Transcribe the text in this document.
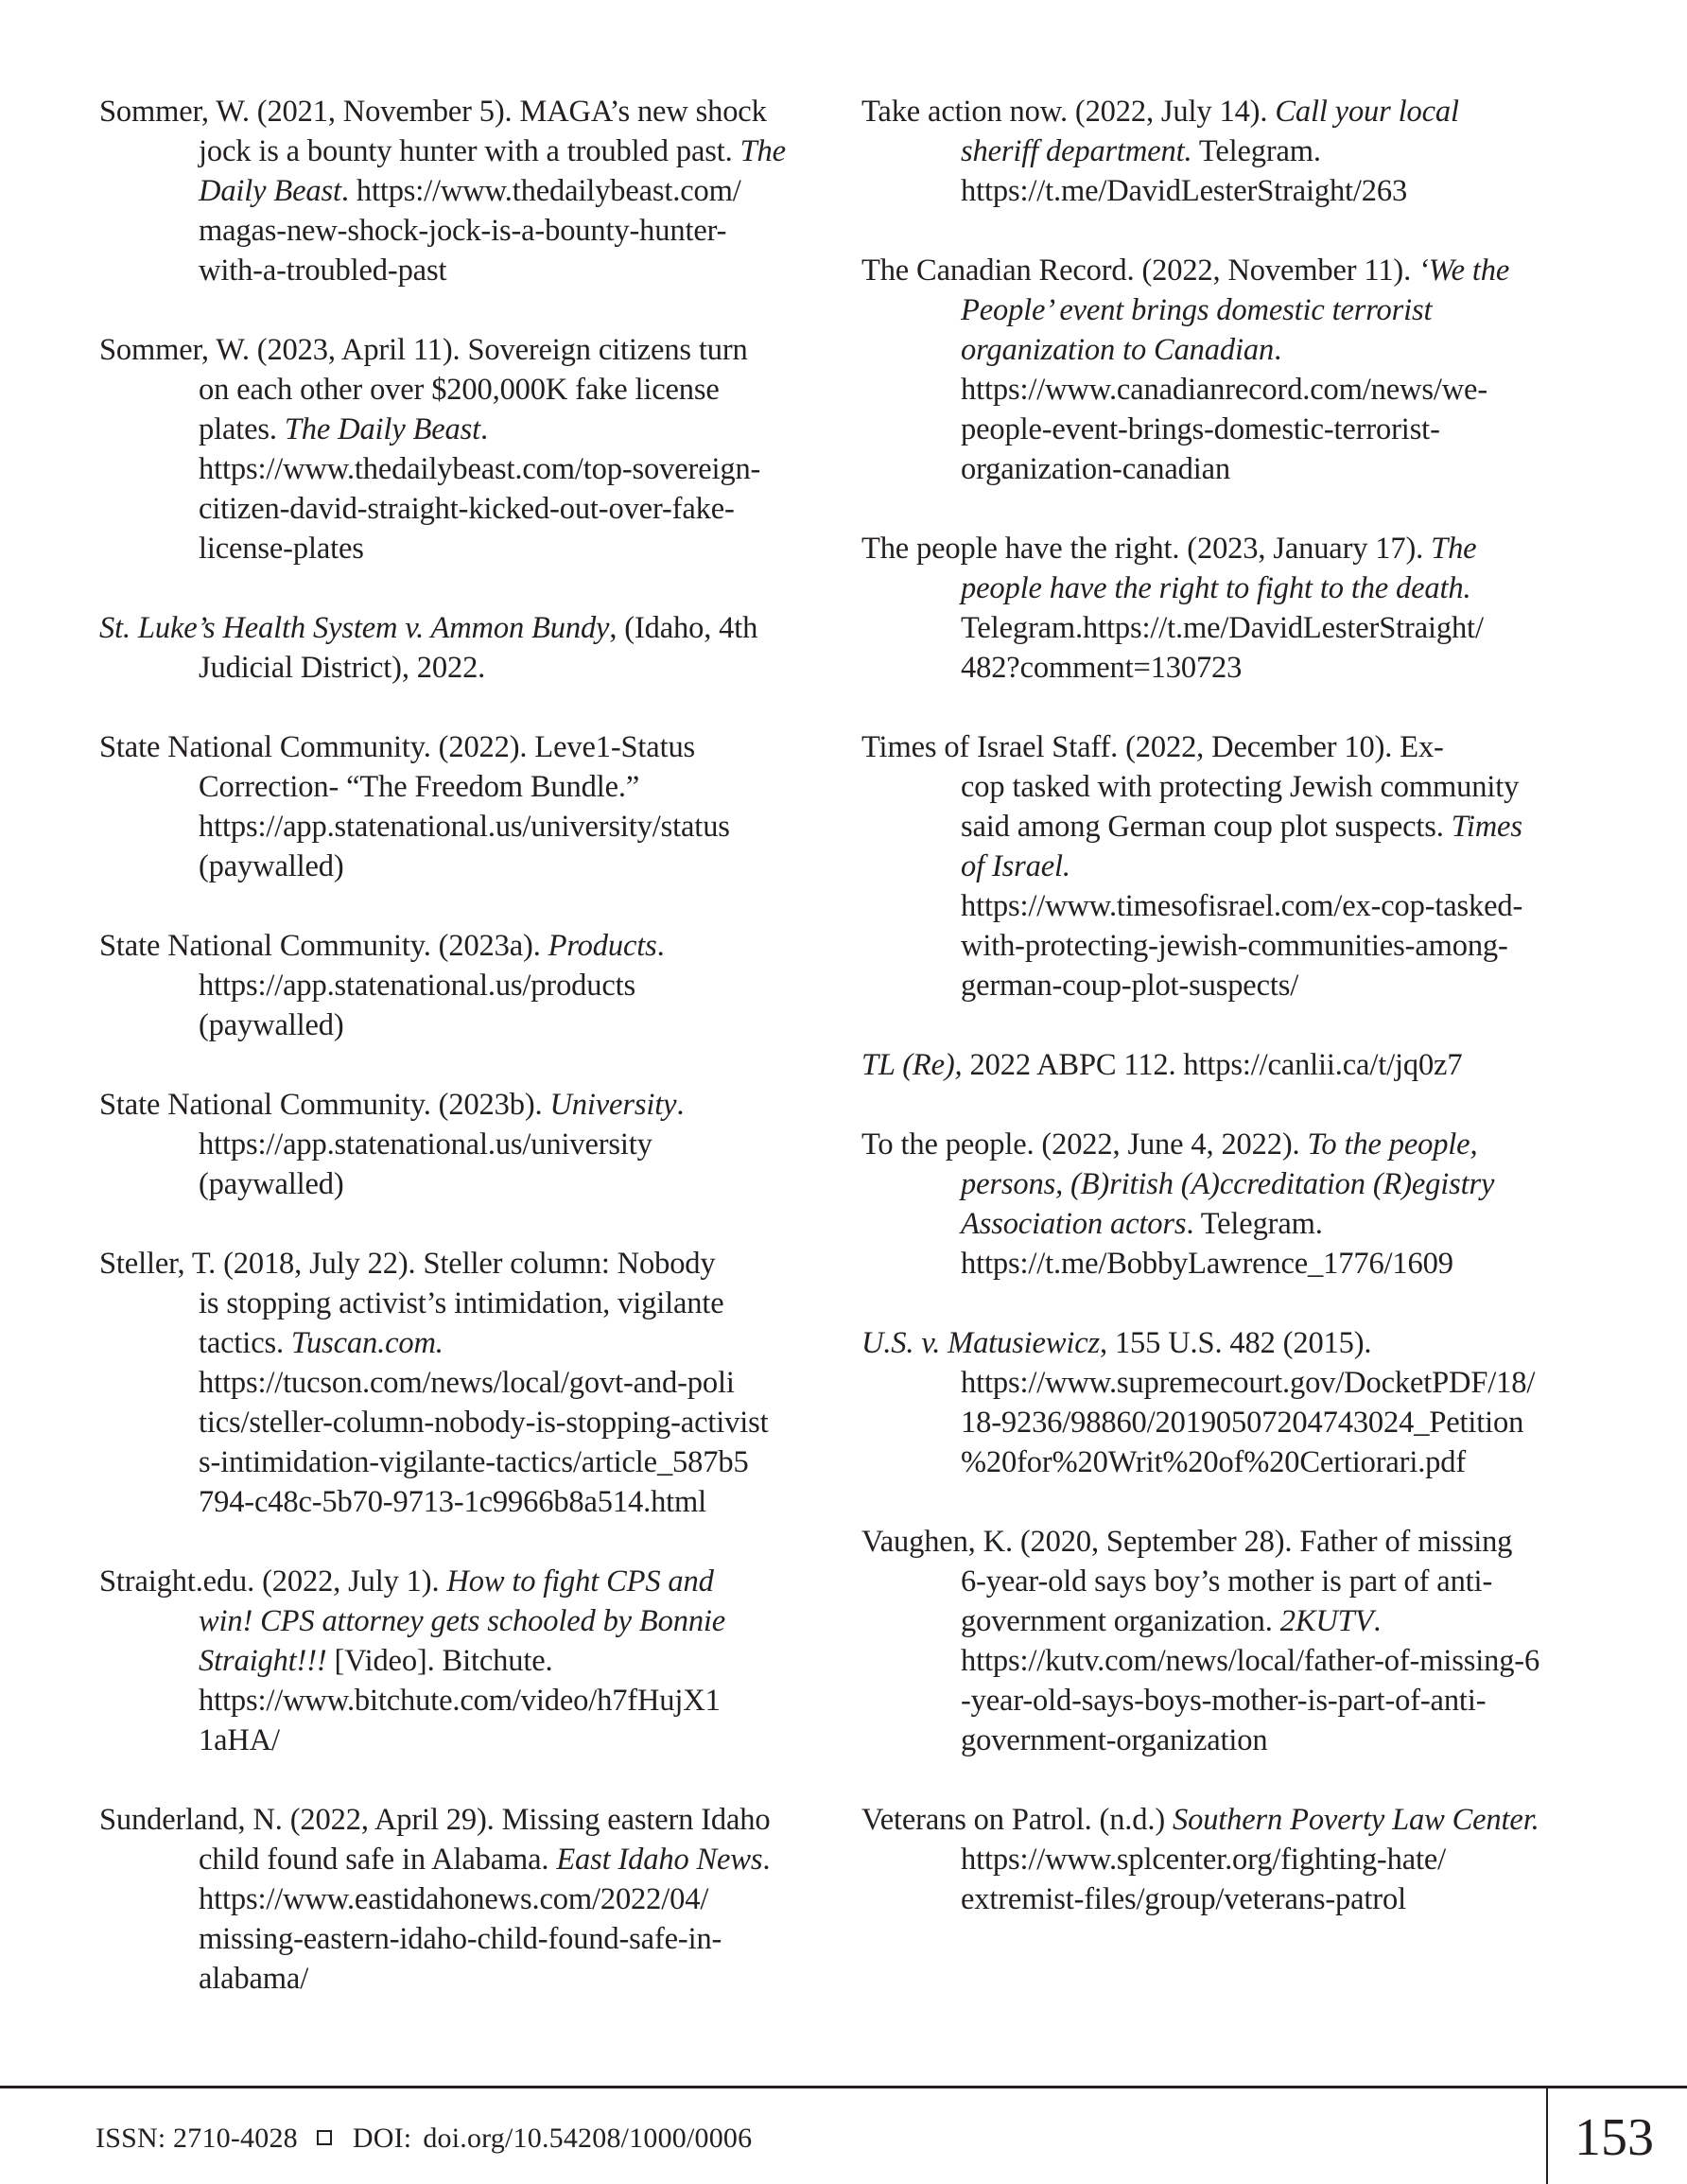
Sommer, W. (2021, November 5). MAGA’s new shock
jock is a bounty hunter with a troubled past. The
Daily Beast. https://www.thedailybeast.com/
magas-new-shock-jock-is-a-bounty-hunter-
with-a-troubled-past
Sommer, W. (2023, April 11). Sovereign citizens turn
on each other over $200,000K fake license
plates. The Daily Beast.
https://www.thedailybeast.com/top-sovereign-
citizen-david-straight-kicked-out-over-fake-
license-plates
St. Luke’s Health System v. Ammon Bundy, (Idaho, 4th
Judicial District), 2022.
State National Community. (2022). Leve1-Status
Correction- “The Freedom Bundle.”
https://app.statenational.us/university/status
(paywalled)
State National Community. (2023a). Products.
https://app.statenational.us/products
(paywalled)
State National Community. (2023b). University.
https://app.statenational.us/university
(paywalled)
Steller, T. (2018, July 22). Steller column: Nobody
is stopping activist’s intimidation, vigilante
tactics. Tuscan.com.
https://tucson.com/news/local/govt-and-poli
tics/steller-column-nobody-is-stopping-activist
s-intimidation-vigilante-tactics/article_587b5
794-c48c-5b70-9713-1c9966b8a514.html
Straight.edu. (2022, July 1). How to fight CPS and
win! CPS attorney gets schooled by Bonnie
Straight!!! [Video]. Bitchute.
https://www.bitchute.com/video/h7fHujX1
1aHA/
Sunderland, N. (2022, April 29). Missing eastern Idaho
child found safe in Alabama. East Idaho News.
https://www.eastidahonews.com/2022/04/
missing-eastern-idaho-child-found-safe-in-
alabama/
Take action now. (2022, July 14). Call your local
sheriff department. Telegram.
https://t.me/DavidLesterStraight/263
The Canadian Record. (2022, November 11). ‘We the
People’ event brings domestic terrorist
organization to Canadian.
https://www.canadianrecord.com/news/we-
people-event-brings-domestic-terrorist-
organization-canadian
The people have the right. (2023, January 17). The
people have the right to fight to the death.
Telegram.https://t.me/DavidLesterStraight/
482?comment=130723
Times of Israel Staff. (2022, December 10). Ex-
cop tasked with protecting Jewish community
said among German coup plot suspects. Times
of Israel.
https://www.timesofisrael.com/ex-cop-tasked-
with-protecting-jewish-communities-among-
german-coup-plot-suspects/
TL (Re), 2022 ABPC 112. https://canlii.ca/t/jq0z7
To the people. (2022, June 4, 2022). To the people,
persons, (B)ritish (A)ccreditation (R)egistry
Association actors. Telegram.
https://t.me/BobbyLawrence_1776/1609
U.S. v. Matusiewicz, 155 U.S. 482 (2015).
https://www.supremecourt.gov/DocketPDF/18/
18-9236/98860/20190507204743024_Petition
%20for%20Writ%20of%20Certiorari.pdf
Vaughen, K. (2020, September 28). Father of missing
6-year-old says boy’s mother is part of anti-
government organization. 2KUTV.
https://kutv.com/news/local/father-of-missing-6
-year-old-says-boys-mother-is-part-of-anti-
government-organization
Veterans on Patrol. (n.d.) Southern Poverty Law Center.
https://www.splcenter.org/fighting-hate/
extremist-files/group/veterans-patrol
ISSN: 2710-4028 DOI: doi.org/10.54208/1000/0006	153
